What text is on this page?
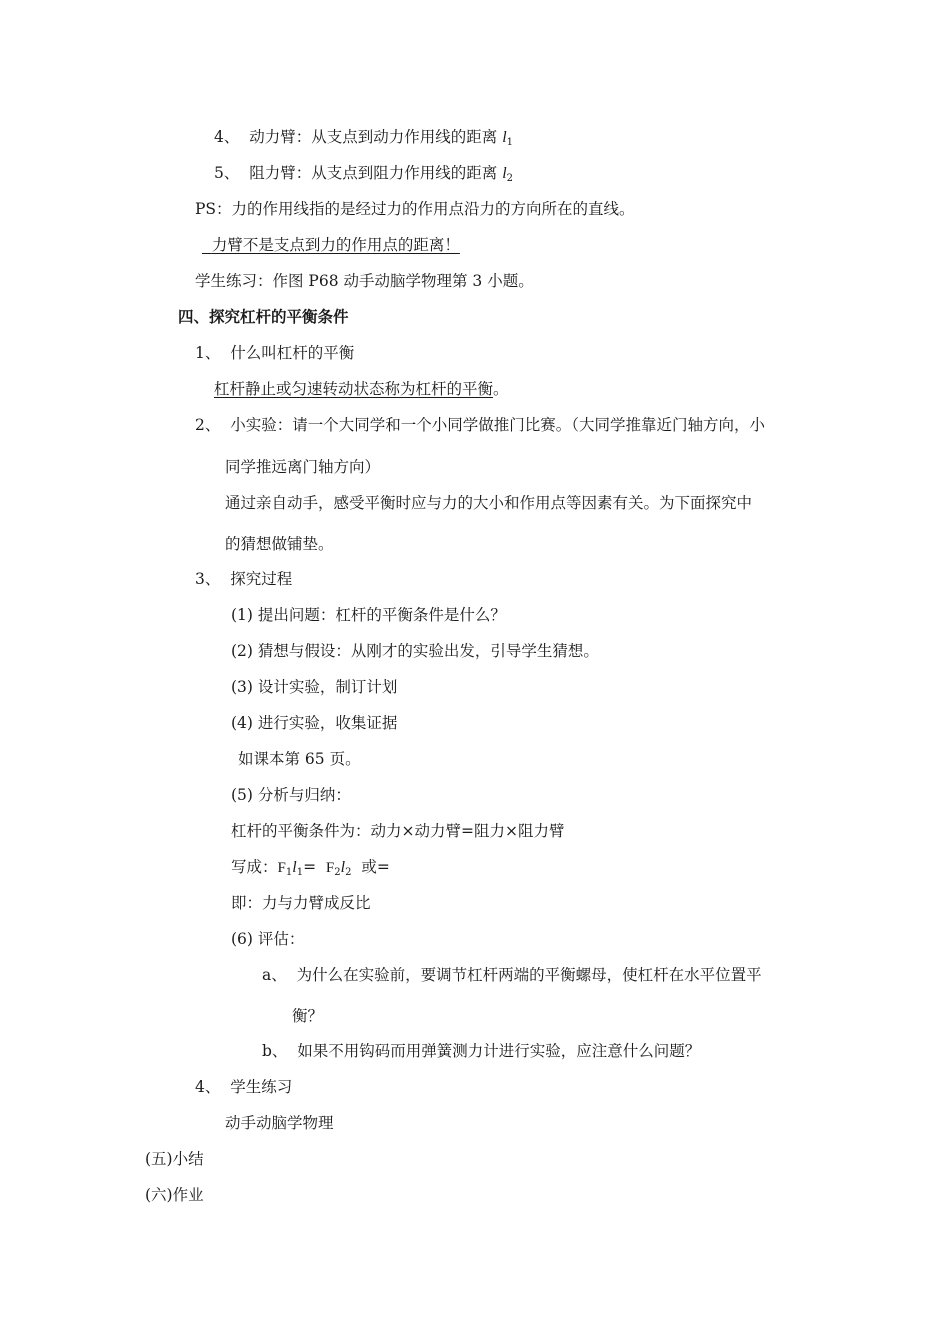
4、 动力臂：从支点到动力作用线的距离 $l_1$
5、 阻力臂：从支点到阻力作用线的距离 $l_2$
PS：力的作用线指的是经过力的作用点沿力的方向所在的直线。
力臂不是支点到力的作用点的距离！
学生练习：作图 P68 动手动脑学物理第 3 小题。
四、探究杠杆的平衡条件
1、 什么叫杠杆的平衡
杠杆静止或匀速转动状态称为杠杆的平衡。
2、 小实验：请一个大同学和一个小同学做推门比赛。（大同学推靠近门轴方向，小
同学推远离门轴方向）
通过亲自动手，感受平衡时应与力的大小和作用点等因素有关。为下面探究中
的猜想做铺垫。
3、 探究过程
(1) 提出问题：杠杆的平衡条件是什么？
(2) 猜想与假设：从刚才的实验出发，引导学生猜想。
(3) 设计实验，制订计划
(4) 进行实验，收集证据
如课本第 65 页。
(5) 分析与归纳：
杠杆的平衡条件为：动力×动力臂=阻力×阻力臂
写成：$F_1l_1= F_2l_2$  或=
即：力与力臂成反比
(6) 评估：
a、 为什么在实验前，要调节杠杆两端的平衡螺母，使杠杆在水平位置平
衡？
b、 如果不用钩码而用弹簧测力计进行实验，应注意什么问题？
4、 学生练习
动手动脑学物理
(五)小结
(六)作业
